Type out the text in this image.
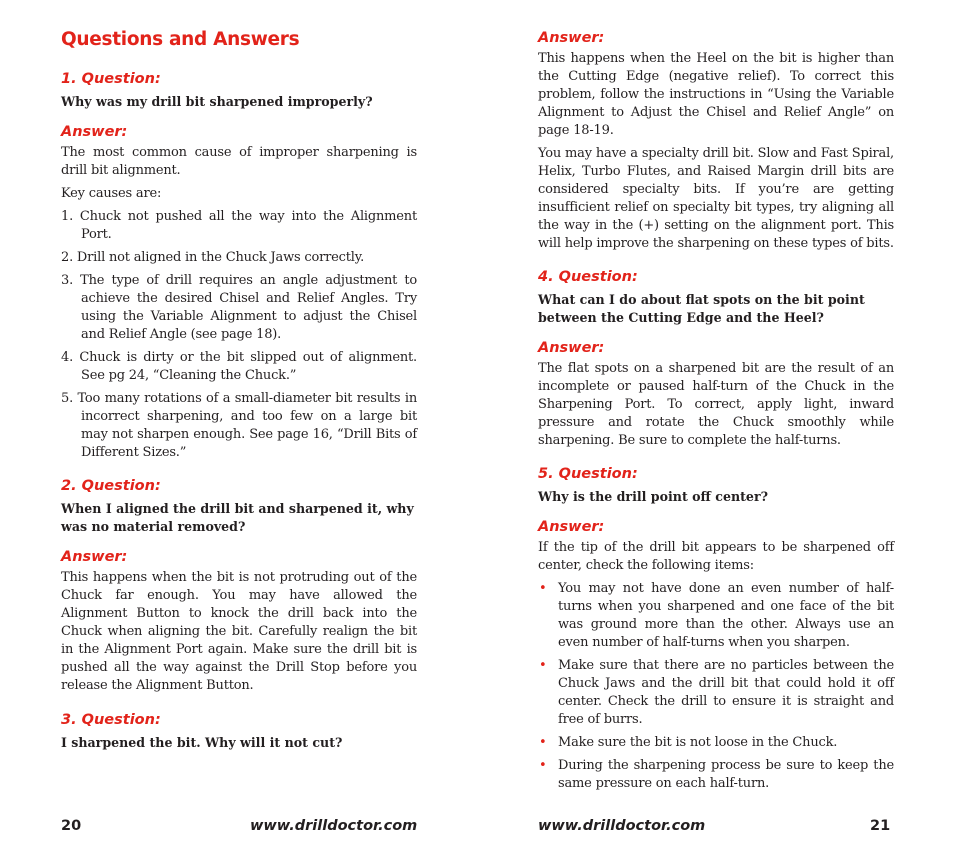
Questions and Answers
1. Question:

Why was my drill bit sharpened improperly?

Answer:

The most common cause of improper sharpening is drill bit alignment.

Key causes are:

1. Chuck not pushed all the way into the Alignment Port.
2. Drill not aligned in the Chuck Jaws correctly.
3. The type of drill requires an angle adjustment to achieve the desired Chisel and Relief Angles. Try using the Variable Alignment to adjust the Chisel and Relief Angle (see page 18).
4. Chuck is dirty or the bit slipped out of alignment. See pg 24, “Cleaning the Chuck.”
5. Too many rotations of a small-diameter bit results in incorrect sharpening, and too few on a large bit may not sharpen enough. See page 16, “Drill Bits of Different Sizes.”
2. Question:

When I aligned the drill bit and sharpened it, why was no material removed?

Answer:

This happens when the bit is not protruding out of the Chuck far enough. You may have allowed the Alignment Button to knock the drill back into the Chuck when aligning the bit. Carefully realign the bit in the Alignment Port again. Make sure the drill bit is pushed all the way against the Drill Stop before you release the Alignment Button.

3. Question:

I sharpened the bit. Why will it not cut?

20	www.drilldoctor.com
Answer:

This happens when the Heel on the bit is higher than the Cutting Edge (negative relief). To correct this problem, follow the instructions in “Using the Variable Alignment to Adjust the Chisel and Relief Angle” on page 18-19.

You may have a specialty drill bit. Slow and Fast Spiral, Helix, Turbo Flutes, and Raised Margin drill bits are considered specialty bits. If you’re are getting insufficient relief on specialty bit types, try aligning all the way in the (+) setting on the alignment port. This will help improve the sharpening on these types of bits.

4. Question:

What can I do about flat spots on the bit point between the Cutting Edge and the Heel?

Answer:

The flat spots on a sharpened bit are the result of an incomplete or paused half-turn of the Chuck in the Sharpening Port. To correct, apply light, inward pressure and rotate the Chuck smoothly while sharpening. Be sure to complete the half-turns.

5. Question:

Why is the drill point off center?

Answer:

If the tip of the drill bit appears to be sharpened off center, check the following items:

• You may not have done an even number of half-turns when you sharpened and one face of the bit was ground more than the other. Always use an even number of half-turns when you sharpen.
• Make sure that there are no particles between the Chuck Jaws and the drill bit that could hold it off center. Check the drill to ensure it is straight and free of burrs.
• Make sure the bit is not loose in the Chuck.
• During the sharpening process be sure to keep the same pressure on each half-turn.
www.drilldoctor.com	21
